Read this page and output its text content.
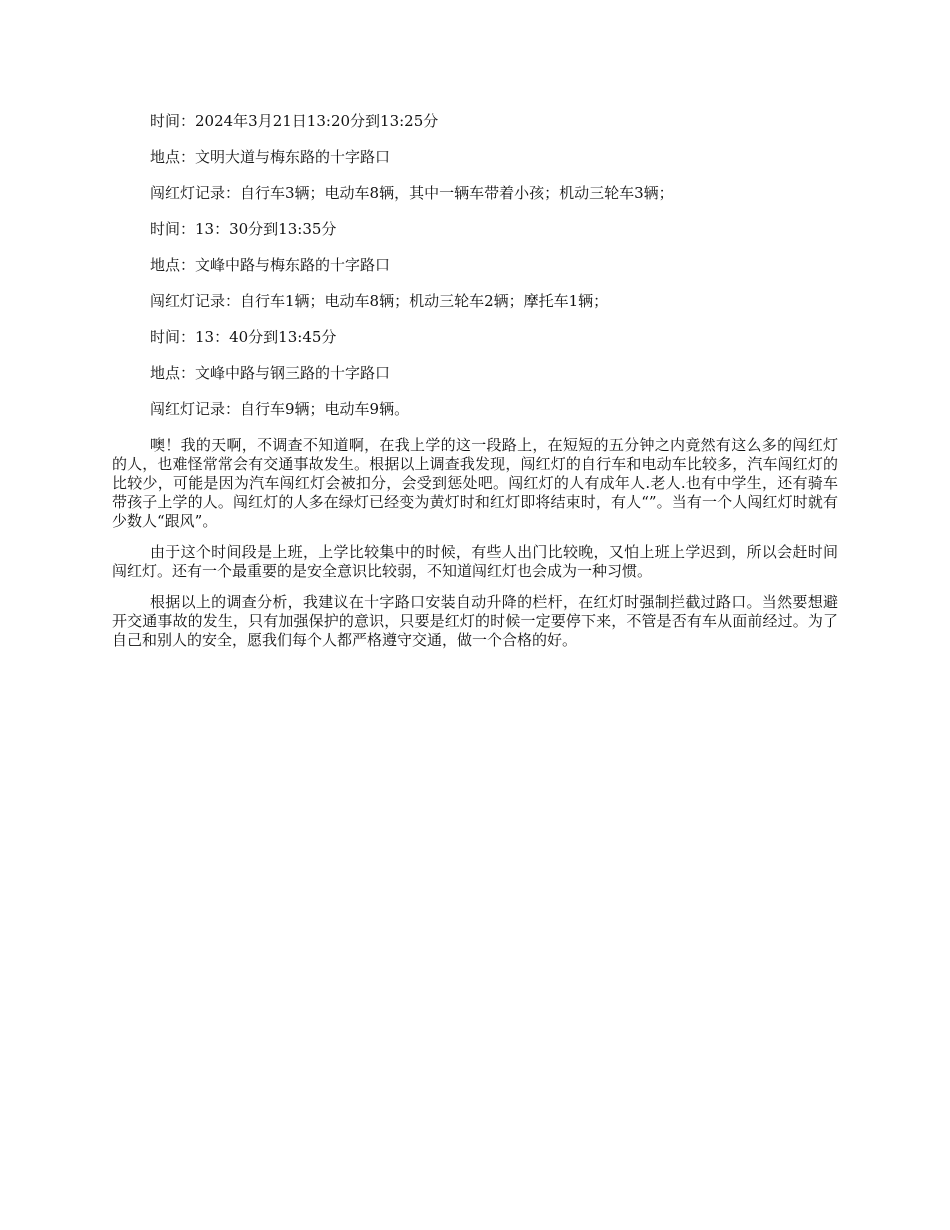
时间：2024年3月21日13:20分到13:25分

地点：文明大道与梅东路的十字路口

闯红灯记录：自行车3辆；电动车8辆，其中一辆车带着小孩；机动三轮车3辆；

时间：13：30分到13:35分

地点：文峰中路与梅东路的十字路口

闯红灯记录：自行车1辆；电动车8辆；机动三轮车2辆；摩托车1辆；

时间：13：40分到13:45分

地点：文峰中路与钢三路的十字路口

闯红灯记录：自行车9辆；电动车9辆。

噢！我的天啊，不调查不知道啊，在我上学的这一段路上，在短短的五分钟之内竟然有这么多的闯红灯的人，也难怪常常会有交通事故发生。根据以上调查我发现，闯红灯的自行车和电动车比较多，汽车闯红灯的比较少，可能是因为汽车闯红灯会被扣分，会受到惩处吧。闯红灯的人有成年人.老人.也有中学生，还有骑车带孩子上学的人。闯红灯的人多在绿灯已经变为黄灯时和红灯即将结束时，有人“”。当有一个人闯红灯时就有少数人“跟风”。

由于这个时间段是上班，上学比较集中的时候，有些人出门比较晚，又怕上班上学迟到，所以会赶时间闯红灯。还有一个最重要的是安全意识比较弱，不知道闯红灯也会成为一种习惯。

根据以上的调查分析，我建议在十字路口安装自动升降的栏杆，在红灯时强制拦截过路口。当然要想避开交通事故的发生，只有加强保护的意识，只要是红灯的时候一定要停下来，不管是否有车从面前经过。为了自己和别人的安全，愿我们每个人都严格遵守交通，做一个合格的好。
